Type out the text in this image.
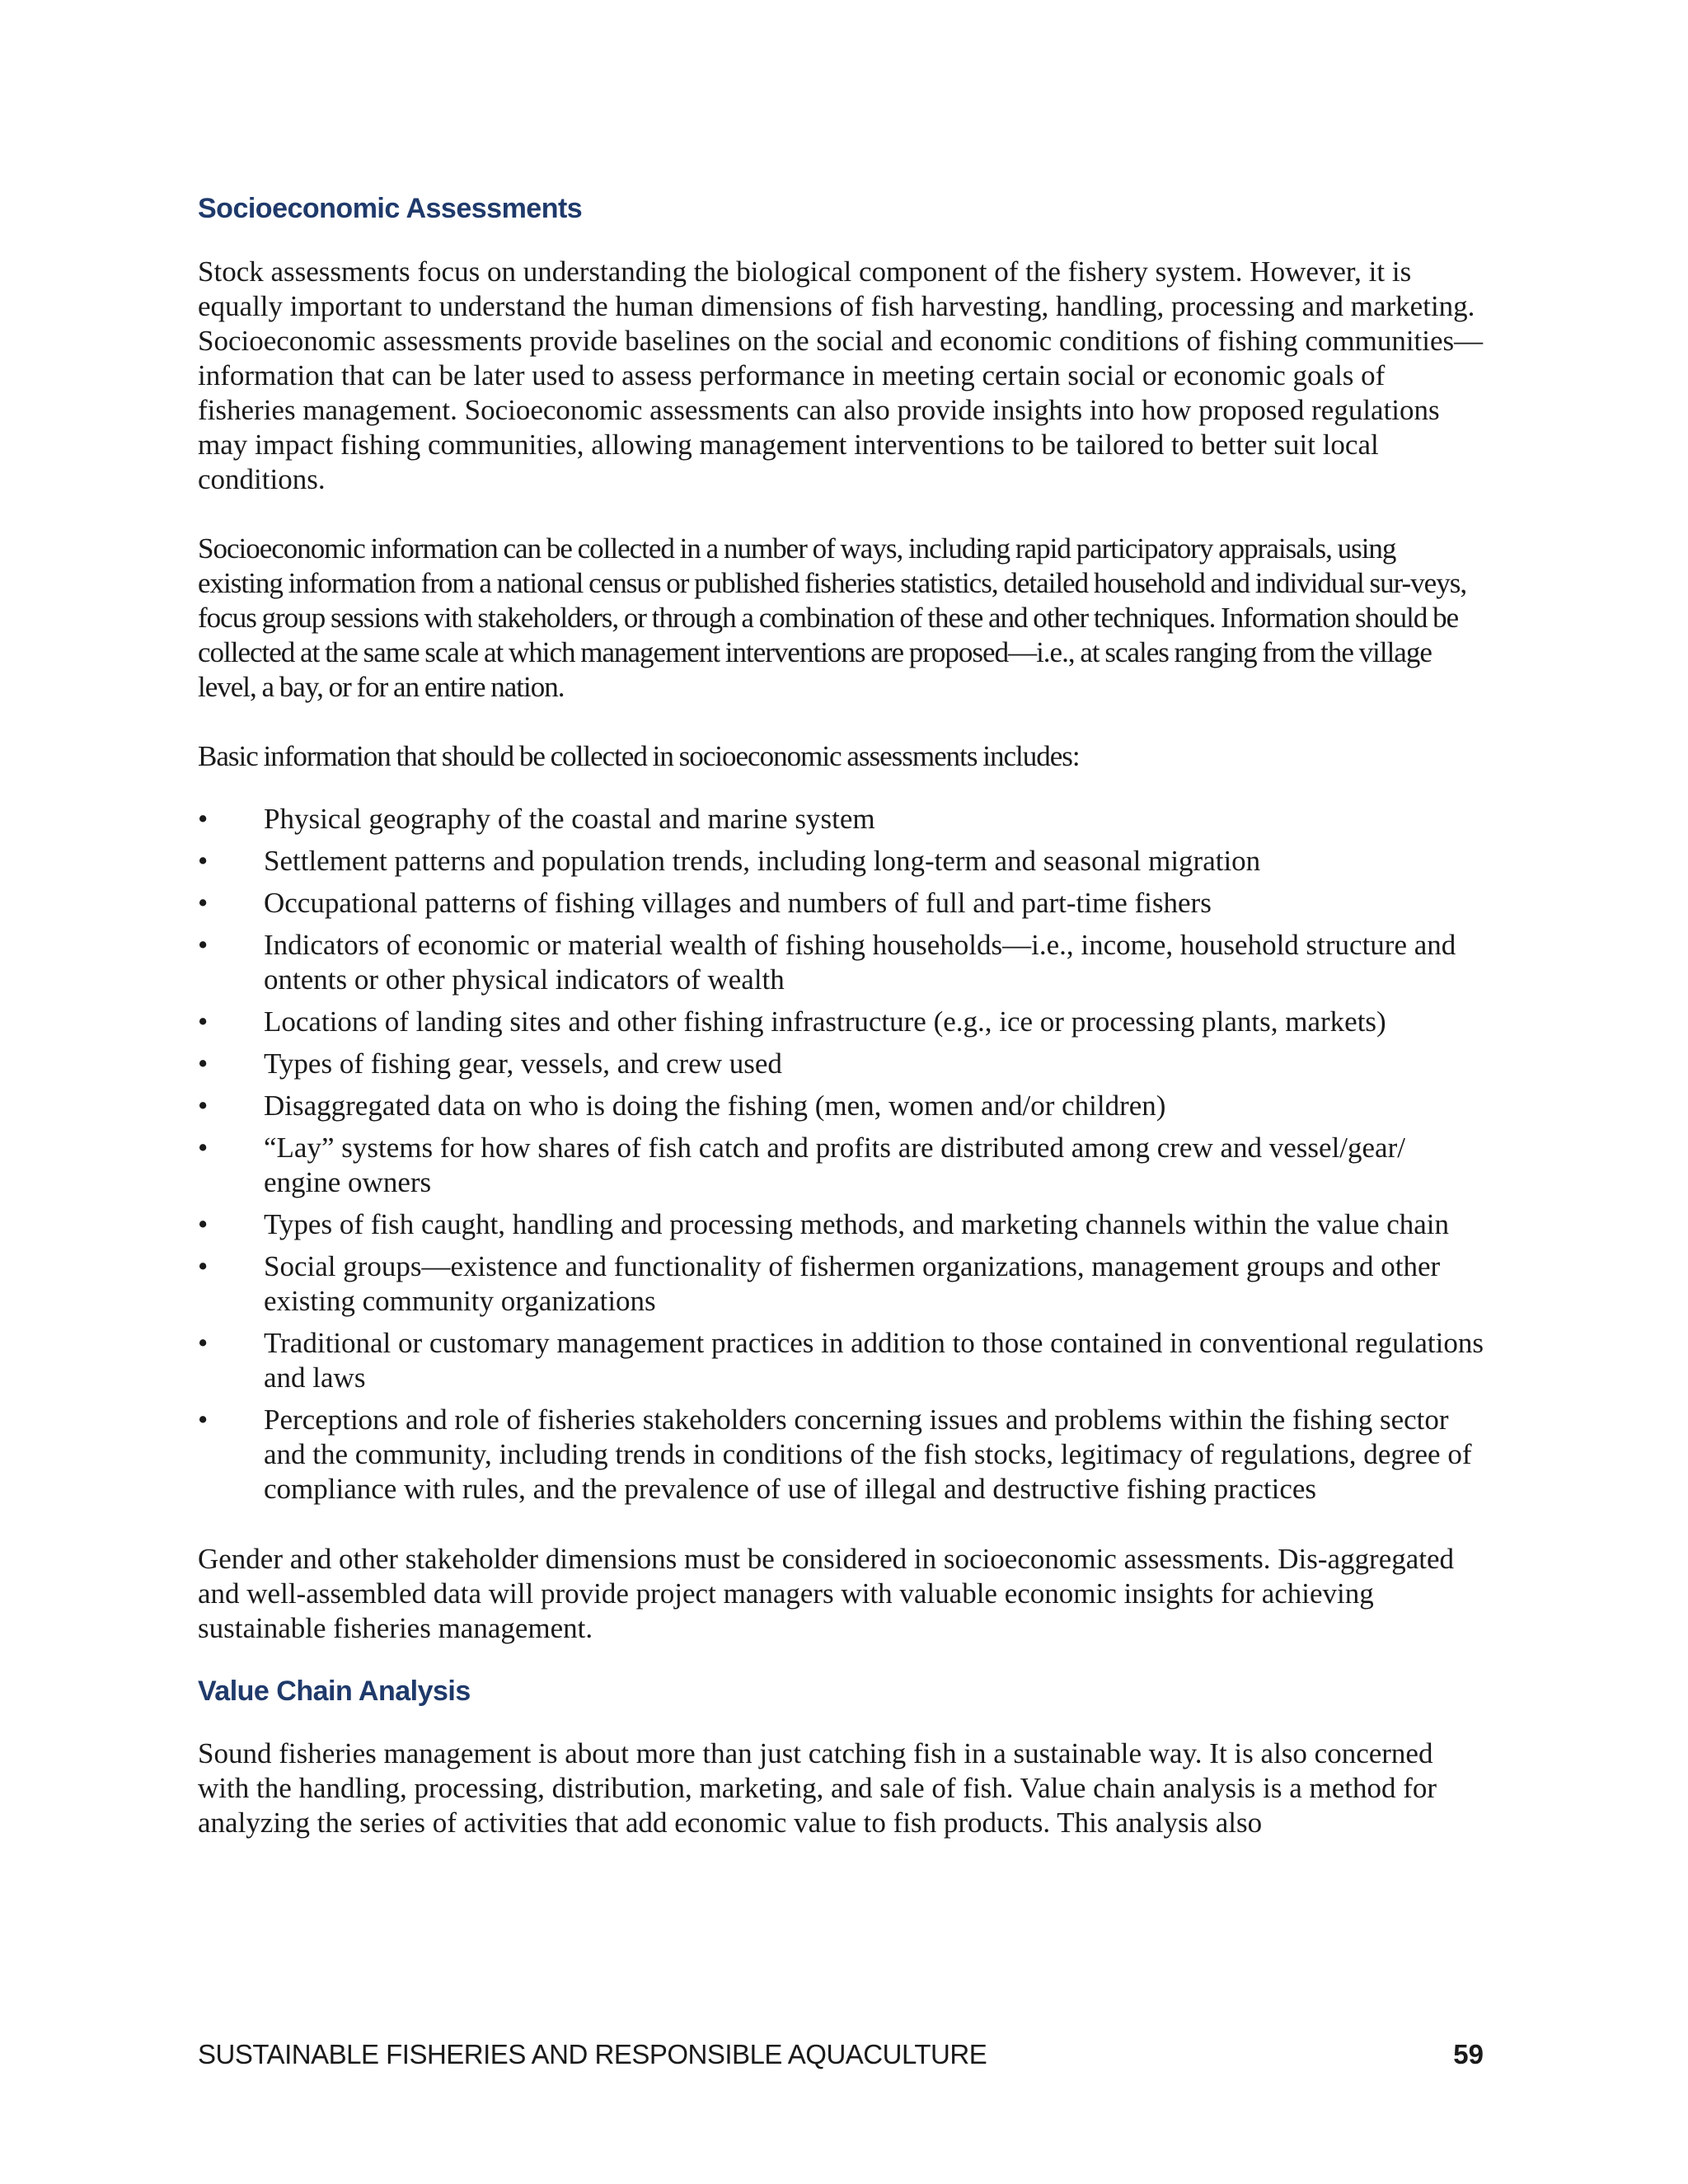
Socioeconomic Assessments

Stock assessments focus on understanding the biological component of the fishery system. However, it is equally important to understand the human dimensions of fish harvesting, handling, processing and marketing. Socioeconomic assessments provide baselines on the social and economic conditions of fishing communities— information that can be later used to assess performance in meeting certain social or economic goals of fisheries management. Socioeconomic assessments can also provide insights into how proposed regulations may impact fishing communities, allowing management interventions to be tailored to better suit local conditions.

Socioeconomic information can be collected in a number of ways, including rapid participatory appraisals, using existing information from a national census or published fisheries statistics, detailed household and individual sur-veys, focus group sessions with stakeholders, or through a combination of these and other techniques. Information should be collected at the same scale at which management interventions are proposed—i.e., at scales ranging from the village level, a bay, or for an entire nation.

Basic information that should be collected in socioeconomic assessments includes:

•	Physical geography of the coastal and marine system
•	Settlement patterns and population trends, including long-term and seasonal migration
•	Occupational patterns of fishing villages and numbers of full and part-time fishers
•	Indicators of economic or material wealth of fishing households—i.e., income, household structure and ontents or other physical indicators of wealth
•	Locations of landing sites and other fishing infrastructure (e.g., ice or processing plants, markets)
•	Types of fishing gear, vessels, and crew used
•	Disaggregated data on who is doing the fishing (men, women and/or children)
•	“Lay” systems for how shares of fish catch and profits are distributed among crew and vessel/gear/ engine owners
•	Types of fish caught, handling and processing methods, and marketing channels within the value chain
•	Social groups—existence and functionality of fishermen organizations, management groups and other existing community organizations
•	Traditional or customary management practices in addition to those contained in conventional regulations and laws
•	Perceptions and role of fisheries stakeholders concerning issues and problems within the fishing sector and the community, including trends in conditions of the fish stocks, legitimacy of regulations, degree of compliance with rules, and the prevalence of use of illegal and destructive fishing practices

Gender and other stakeholder dimensions must be considered in socioeconomic assessments. Dis-aggregated and well-assembled data will provide project managers with valuable economic insights for achieving sustainable fisheries management.

Value Chain Analysis

Sound fisheries management is about more than just catching fish in a sustainable way. It is also concerned with the handling, processing, distribution, marketing, and sale of fish. Value chain analysis is a method for analyzing the series of activities that add economic value to fish products. This analysis also

SUSTAINABLE FISHERIES AND RESPONSIBLE AQUACULTURE	59
